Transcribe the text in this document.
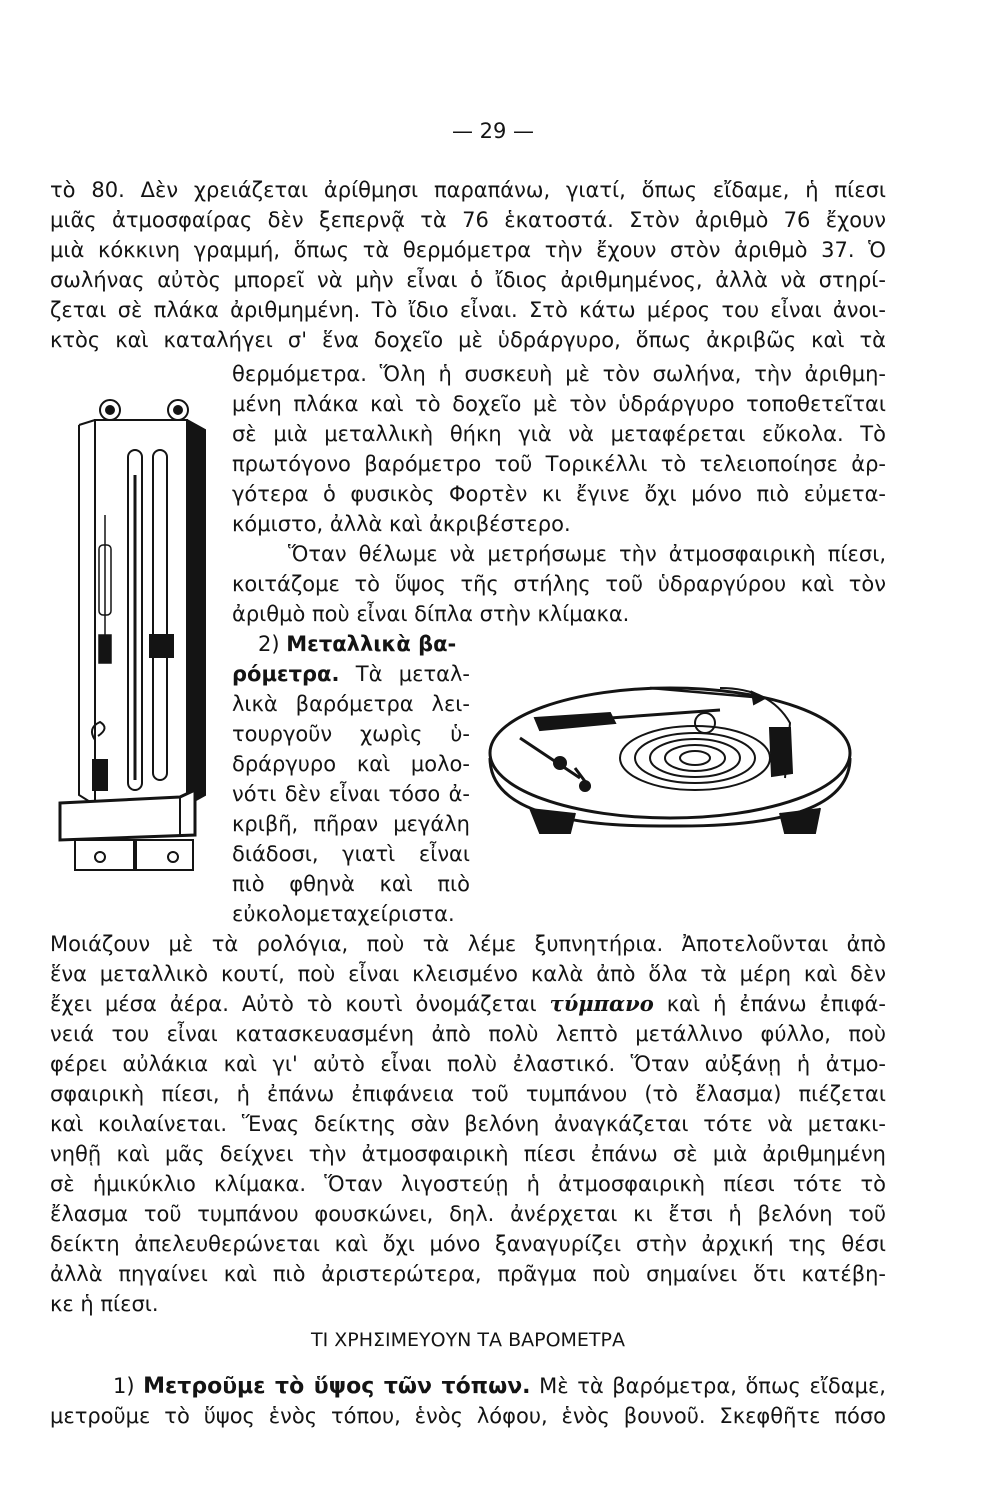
— 29 —
τὸ 80. Δὲν χρειάζεται ἀρίθμησι παραπάνω, γιατί, ὅπως εἴδαμε, ἡ πίεσι
μιᾶς ἀτμοσφαίρας δὲν ξεπερνᾷ τὰ 76 ἑκατοστά. Στὸν ἀριθμὸ 76 ἔχουν
μιὰ κόκκινη γραμμή, ὅπως τὰ θερμόμετρα τὴν ἔχουν στὸν ἀριθμὸ 37. Ὁ
σωλήνας αὐτὸς μπορεῖ νὰ μὴν εἶναι ὁ ἴδιος ἀριθμημένος, ἀλλὰ νὰ στηρί-
ζεται σὲ πλάκα ἀριθμημένη. Τὸ ἴδιο εἶναι. Στὸ κάτω μέρος του εἶναι ἀνοι-
κτὸς καὶ καταλήγει σ' ἕνα δοχεῖο μὲ ὑδράργυρο, ὅπως ἀκριβῶς καὶ τὰ
θερμόμετρα. Ὅλη ἡ συσκευὴ μὲ τὸν σωλήνα, τὴν ἀριθμη-
μένη πλάκα καὶ τὸ δοχεῖο μὲ τὸν ὑδράργυρο τοποθετεῖται
σὲ μιὰ μεταλλικὴ θήκη γιὰ νὰ μεταφέρεται εὔκολα. Τὸ
πρωτόγονο βαρόμετρο τοῦ Τορικέλλι τὸ τελειοποίησε ἀρ-
γότερα ὁ φυσικὸς Φορτὲν κι ἔγινε ὄχι μόνο πιὸ εὐμετα-
κόμιστο, ἀλλὰ καὶ ἀκριβέστερο.
Ὅταν θέλωμε νὰ μετρήσωμε τὴν ἀτμοσφαιρικὴ πίεσι,
κοιτάζομε τὸ ὕψος τῆς στήλης τοῦ ὑδραργύρου καὶ τὸν
ἀριθμὸ ποὺ εἶναι δίπλα στὴν κλίμακα.
2) Μεταλλικὰ βα-
ρόμετρα. Τὰ μεταλ-
λικὰ βαρόμετρα λει-
τουργοῦν χωρὶς ὑ-
δράργυρο καὶ μολο-
νότι δὲν εἶναι τόσο ἀ-
κριβῆ, πῆραν μεγάλη
διάδοσι, γιατὶ εἶναι
πιὸ φθηνὰ καὶ πιὸ
εὐκολομεταχείριστα.
Μοιάζουν μὲ τὰ ρολόγια, ποὺ τὰ λέμε ξυπνητήρια. Ἀποτελοῦνται ἀπὸ
ἕνα μεταλλικὸ κουτί, ποὺ εἶναι κλεισμένο καλὰ ἀπὸ ὅλα τὰ μέρη καὶ δὲν
ἔχει μέσα ἀέρα. Αὐτὸ τὸ κουτὶ ὀνομάζεται τύμπανο καὶ ἡ ἐπάνω ἐπιφά-
νειά του εἶναι κατασκευασμένη ἀπὸ πολὺ λεπτὸ μετάλλινο φύλλο, ποὺ
φέρει αὐλάκια καὶ γι' αὐτὸ εἶναι πολὺ ἐλαστικό. Ὅταν αὐξάνῃ ἡ ἀτμο-
σφαιρικὴ πίεσι, ἡ ἐπάνω ἐπιφάνεια τοῦ τυμπάνου (τὸ ἔλασμα) πιέζεται
καὶ κοιλαίνεται. Ἕνας δείκτης σὰν βελόνη ἀναγκάζεται τότε νὰ μετακι-
νηθῇ καὶ μᾶς δείχνει τὴν ἀτμοσφαιρικὴ πίεσι ἐπάνω σὲ μιὰ ἀριθμημένη
σὲ ἡμικύκλιο κλίμακα. Ὅταν λιγοστεύῃ ἡ ἀτμοσφαιρικὴ πίεσι τότε τὸ
ἔλασμα τοῦ τυμπάνου φουσκώνει, δηλ. ἀνέρχεται κι ἔτσι ἡ βελόνη τοῦ
δείκτη ἀπελευθερώνεται καὶ ὄχι μόνο ξαναγυρίζει στὴν ἀρχική της θέσι
ἀλλὰ πηγαίνει καὶ πιὸ ἀριστερώτερα, πρᾶγμα ποὺ σημαίνει ὅτι κατέβη-
κε ἡ πίεσι.
ΤΙ ΧΡΗΣΙΜΕΥΟΥΝ ΤΑ ΒΑΡΟΜΕΤΡΑ
1) Μετροῦμε τὸ ὕψος τῶν τόπων. Μὲ τὰ βαρόμετρα, ὅπως εἴδαμε,
μετροῦμε τὸ ὕψος ἑνὸς τόπου, ἑνὸς λόφου, ἑνὸς βουνοῦ. Σκεφθῆτε πόσο
